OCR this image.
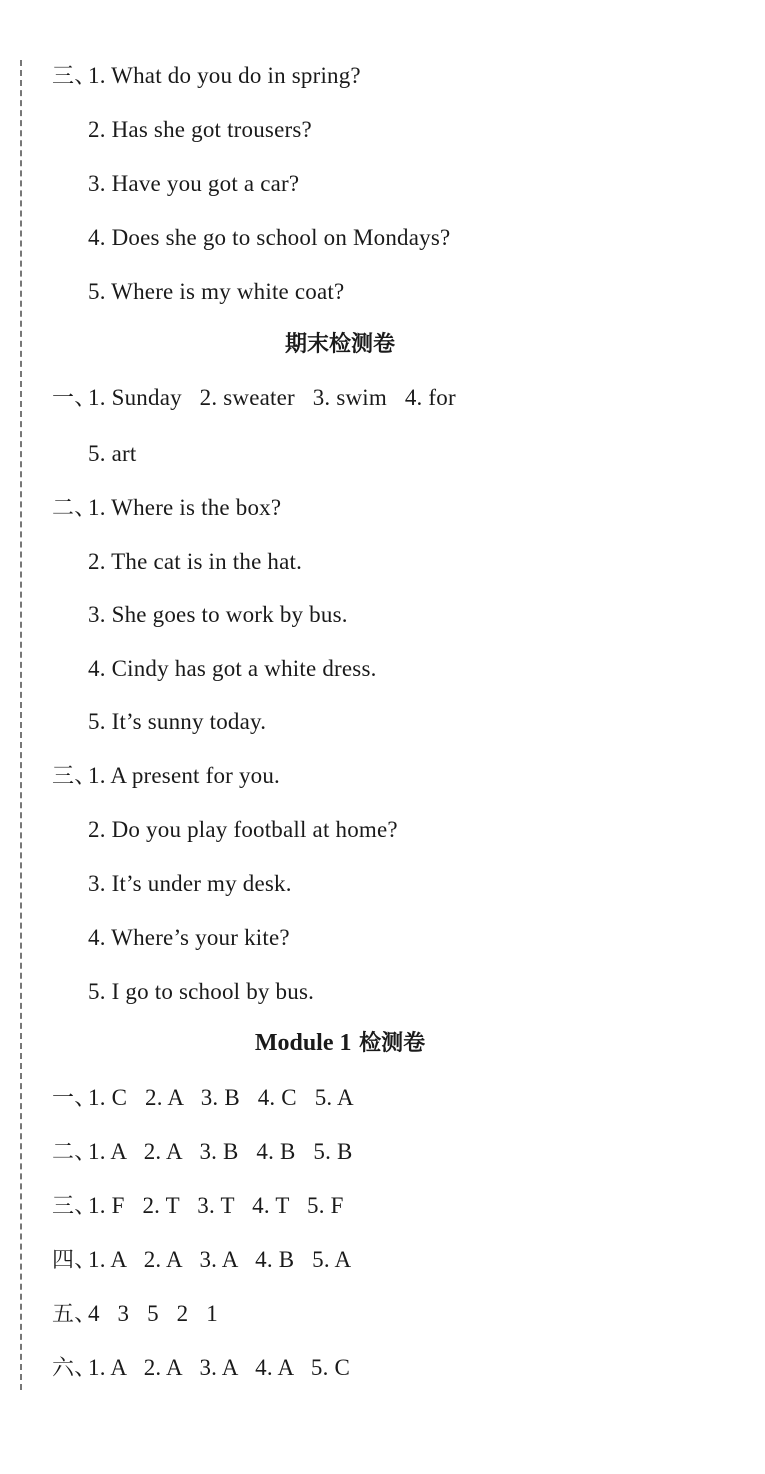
三、
1. What do you do in spring?
2. Has she got trousers?
3. Have you got a car?
4. Does she go to school on Mondays?
5. Where is my white coat?
期末检测卷
一、
1. Sunday   2. sweater   3. swim   4. for
5. art
二、
1. Where is the box?
2. The cat is in the hat.
3. She goes to work by bus.
4. Cindy has got a white dress.
5. It’s sunny today.
三、
1. A present for you.
2. Do you play football at home?
3. It’s under my desk.
4. Where’s your kite?
5. I go to school by bus.
Module 1 检测卷
一、
1. C   2. A   3. B   4. C   5. A
二、
1. A   2. A   3. B   4. B   5. B
三、
1. F   2. T   3. T   4. T   5. F
四、
1. A   2. A   3. A   4. B   5. A
五、
4   3   5   2   1
六、
1. A   2. A   3. A   4. A   5. C
